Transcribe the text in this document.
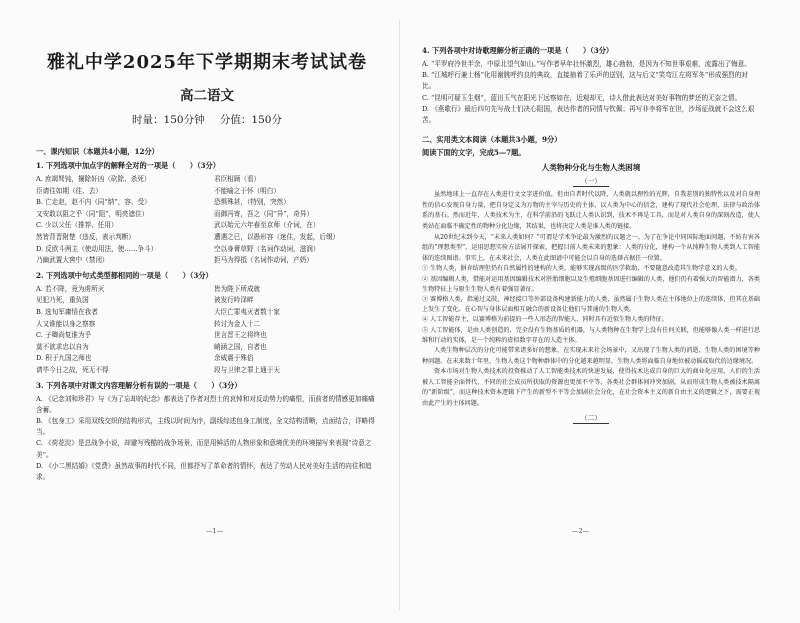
雅礼中学2025年下学期期末考试试卷
高二语文
时量：150分钟 分值：150分
一、课内知识（本题共4小题，12分）
1. 下列选项中加点字的解释全对的一项是（　　）（3分）
A. 庶竭驽钝，攘除奸凶（砍除、杀死）	君臣相顾（看）
臣请往如期（往、去）	不能喻之于怀（明白）
B. 亡走赵，赵不内（同“纳”，容、受）	恐惧殊甚，（特别，突然）
又安敢以阻之乎（同“阻”，明亮遮住）	而御冯寄，吾之（同“异”，奇异）
C. 少以父任（推荐、任用）	武以始元六年春至京师（介词，在）
然皆背晋附楚（违反，表示判断）	遭遇之已，以愚形容（迷住，发起，后缀）
D. 反欧斗两主（使动用法，使……争斗）	空以身膏草野（名词作动词，滋润）
乃幽武置大窖中（禁闭）	拒马为得抵（名词作动词，产奶）
2. 下列选项中句式类型都相同的一项是（　　）（3分）
A. 若不降，竟为虏所灭	皆为陛下所成就
见犯乃死，重负国	被发行吟泽畔
B. 选旬军庸悟在我者	大臣亡罪夷灭者数十家
人又谁能以身之察察	转讨为金人十二
C. 子卿尚复谁为乎	世言晋王之将终也
莫不欲求忠以自为	峭涵之国，自者也
D. 积于九国之师也	余威震于殊俗
请毕今日之故，死无不得	段与卫律之罪上通于天
3. 下列各项中对课文内容理解分析有误的一项是（　　）（3分）

A. 《记念刘和珍君》与《为了忘却的纪念》都表达了作者对烈士的哀悼和对反动势力的痛恨，而前者的情感更加痛痛含蓄。

B. 《包身工》采用双线交织的结构形式，主线以时间为序，副线综述包身工制度，全文结构清晰，点面结合，详略得当。

C. 《荷花淀》是总战争小说，却避写残酷的战争场景，而是用鲜活的人物形象和意境优美的环境描写来表现“诗意之美”。

D. 《小二黑结婚》《党费》虽然故事的时代不同，但都抒写了革命者的情怀，表达了劳动人民对美好生活的向往和追求。

—1—
4. 下列各项中对诗歌理解分析正确的一项是（　　）（3分）

A. “平罗府冷世半余，中原北望气如山。”写作者早年壮怀激烈，雄心勃勃，是因为不知世事艰难，流露出了悔意。

B. “江城呼行兼士杨”化用谢朓呼约良的典故，直接抽着了乐声的送别，这与后文“笑弯江左将军冬”形成强烈的对比。

C. “昆明可疑玉生烟”，蓝田玉气在阳光下远察如在，近观却无，诗人借此表达对美好事物的梦还的无奈之情。

D. 《燕歌行》最后四句先写战士们决心阻国，表达作者的同情与钦佩；再写非李将军在世，沙场征战就不会这么艰苦。

二、实用类文本阅读（本题共3小题，9分）
阅读下面的文字，完成5—7题。
人类物种分化与生物人类困境
（一）

虽然地球上一直存在人类进行文文字进价值，但由自者时代以降，人类就以理性的光辉，自我差别的独特性以及对自身理性的信心发现自身力量，把自身定义为万物的主宰与历史的主体，以人类为中心的信念，建构了现代社会伦理、法律与政治体系的基石。然而近年，人类技术为主，在科学前沿的飞跃让人类认识到，技术不再是工具，而是对人类自身的深刻改造，使人类站在面临不确定性的物种分化边缘，其结果，也将决定人类是谁人类的链接。

从20世纪末到今天，“未来人类如何？”可谓是学术争论最为激烈的议题之一。为了在争论中同国际地面问题，不妨肯害各组的“理想类型”，运用思想实验方法展开探索，把握目前人类未来的想象：人类的分化，建构一个从纯粹生物人类到人工智能体的连续图谱。事实上，在未来社会，人类在此图谱中可能会以自身的选择占据任一位置。

① 生物人类，摒弃结理但仍有自然属性的建构的人类，能够实现高级的医学救助，不要随意改造其生物学意义的人类。

② 基因编辑人类，借能对运用基因编辑技术对胚胎细胞以及生殖细胞基因进行编辑的人类，他们仍有着强大的智能潜力，各类生物特征上与原生生物人类有着强显著征。

③ 赛博格人类，指通过义肢、神经接口等外部设备构建新能力的人类，虽然属于生物人类在主体地位上的连续体，但其在基础上发生了变化。在心智与身体层面相互融合的新设备让他们与普通的生物人类。

④ 人工智能存主，以赛博格为前提的一些人形态的智能人，同时具有近似生物人类的特征。

⑤ 人工智能体，是由人类创造的、完全没有生物基质的机器，与人类物种在生物学上没有任何关联，但能够像人类一样进行思维和行动的实体，是一个纯粹的虚拟数字存在的人造主体。

人类生物种层次的分化可能带来诸多好的想象，在实现未来社会场景中，又出现了生物人类的消逝、生物人类的困境等种种问题。在未来数十年里，生物人类这个物种群体中的分化越来越明显，生物人类将面临自身地位被动摇或取代的边缘境况。

资本市场对生物人类技术的投资推动了人工智能类技术的快速发展，使得技术达成自身的巨大的商业化应用，人们的生活被人工智能全面替代，不同的社会成员所获取的资源也更加不平等，各类社会群体间冲突加剧，从而形成生物人类被技术隔离的“新阶级”，而这种技术资本逻辑下产生的新型不平等会加剧社会分化，在社会资本主义的新自由主义的逻辑之下，需要正视由此产生的主体问题。

（二）
—2—
